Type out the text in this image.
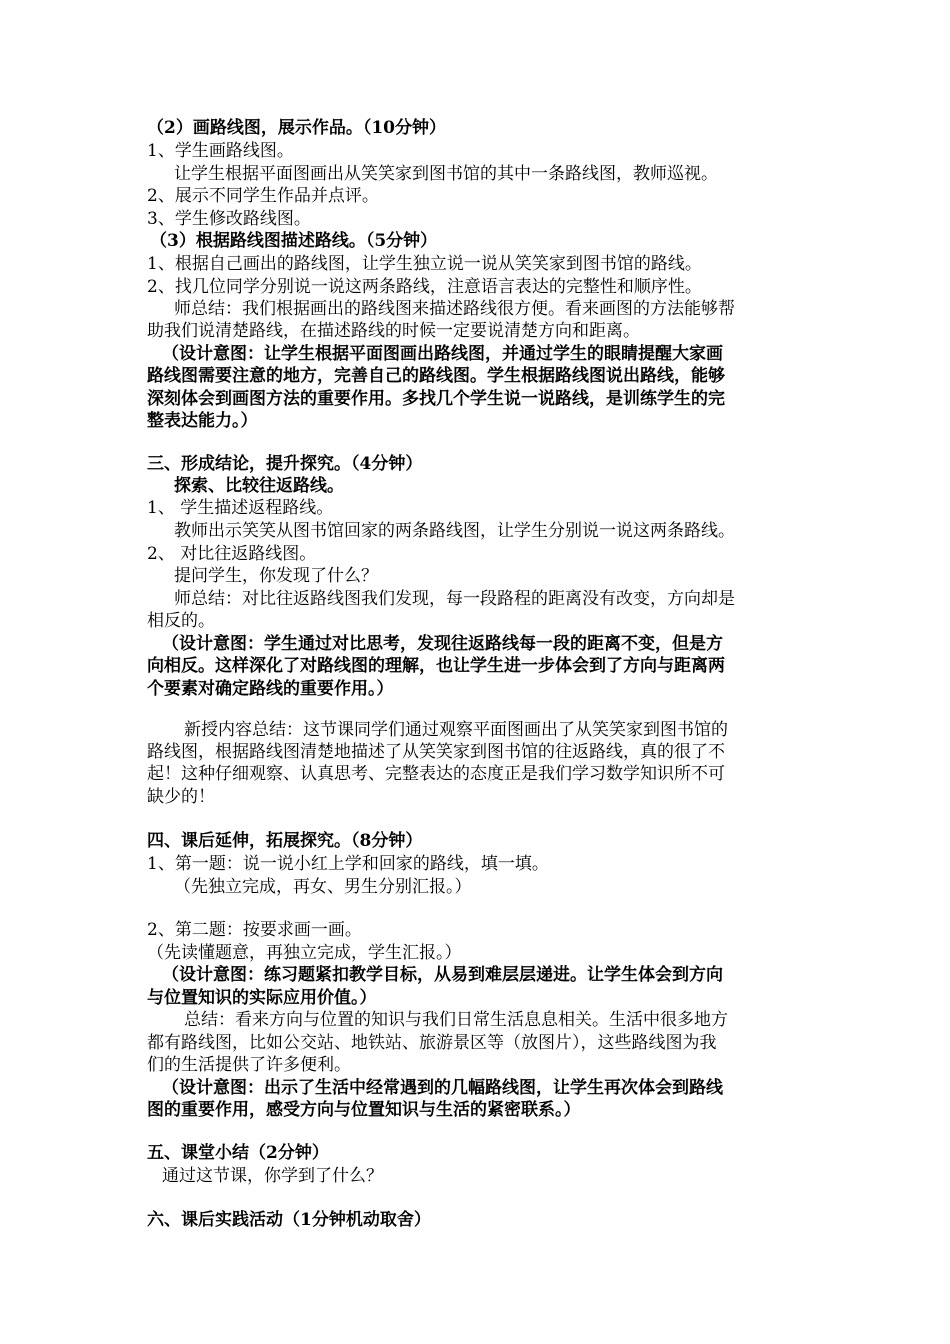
（2）画路线图，展示作品。（10分钟）
1、学生画路线图。
让学生根据平面图画出从笑笑家到图书馆的其中一条路线图，教师巡视。
2、展示不同学生作品并点评。
3、学生修改路线图。
（3）根据路线图描述路线。（5分钟）
1、根据自己画出的路线图，让学生独立说一说从笑笑家到图书馆的路线。
2、找几位同学分别说一说这两条路线，注意语言表达的完整性和顺序性。
师总结：我们根据画出的路线图来描述路线很方便。看来画图的方法能够帮
助我们说清楚路线，在描述路线的时候一定要说清楚方向和距离。
（设计意图：让学生根据平面图画出路线图，并通过学生的眼睛提醒大家画
路线图需要注意的地方，完善自己的路线图。学生根据路线图说出路线，能够
深刻体会到画图方法的重要作用。多找几个学生说一说路线，是训练学生的完
整表达能力。）
三、形成结论，提升探究。（4分钟）
探索、比较往返路线。
1、 学生描述返程路线。
教师出示笑笑从图书馆回家的两条路线图，让学生分别说一说这两条路线。
2、 对比往返路线图。
提问学生，你发现了什么？
师总结：对比往返路线图我们发现，每一段路程的距离没有改变，方向却是
相反的。
（设计意图：学生通过对比思考，发现往返路线每一段的距离不变，但是方
向相反。这样深化了对路线图的理解，也让学生进一步体会到了方向与距离两
个要素对确定路线的重要作用。）
新授内容总结：这节课同学们通过观察平面图画出了从笑笑家到图书馆的
路线图，根据路线图清楚地描述了从笑笑家到图书馆的往返路线，真的很了不
起！这种仔细观察、认真思考、完整表达的态度正是我们学习数学知识所不可
缺少的！
四、课后延伸，拓展探究。（8分钟）
1、第一题：说一说小红上学和回家的路线，填一填。
（先独立完成，再女、男生分别汇报。）
2、第二题：按要求画一画。
（先读懂题意，再独立完成，学生汇报。）
（设计意图：练习题紧扣教学目标，从易到难层层递进。让学生体会到方向
与位置知识的实际应用价值。）
总结：看来方向与位置的知识与我们日常生活息息相关。生活中很多地方
都有路线图，比如公交站、地铁站、旅游景区等（放图片），这些路线图为我
们的生活提供了许多便利。
（设计意图：出示了生活中经常遇到的几幅路线图，让学生再次体会到路线
图的重要作用，感受方向与位置知识与生活的紧密联系。）
五、课堂小结（2分钟）
通过这节课，你学到了什么？
六、课后实践活动（1分钟机动取舍）
